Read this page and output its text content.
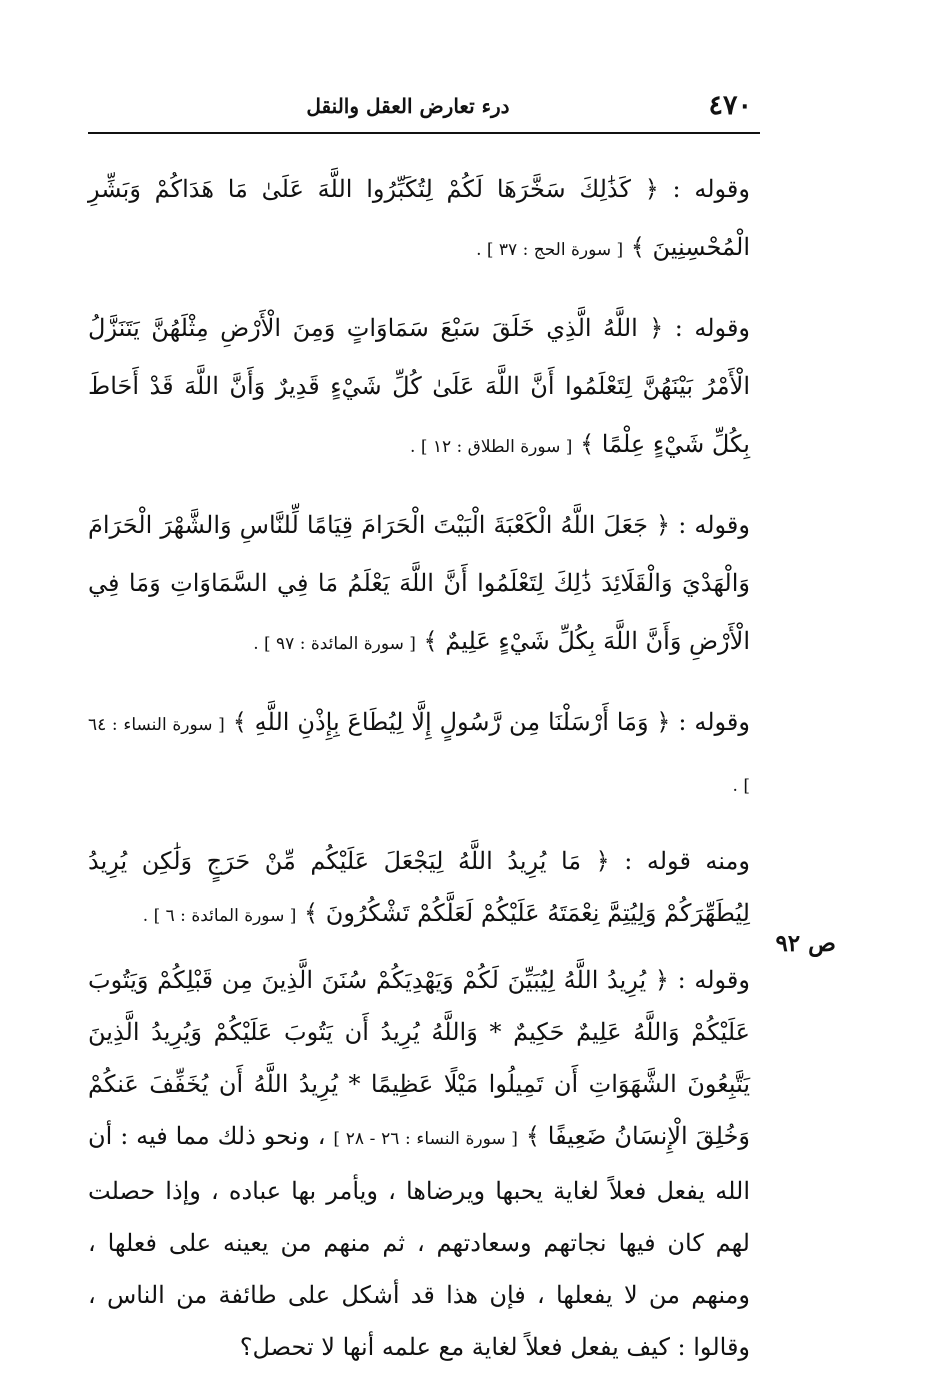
٤٧٠
درء تعارض العقل والنقل
ص ٩٢

وقوله : ﴿ كَذَٰلِكَ سَخَّرَهَا لَكُمْ لِتُكَبِّرُوا اللَّهَ عَلَىٰ مَا هَدَاكُمْ وَبَشِّرِ الْمُحْسِنِينَ ﴾ [ سورة الحج : ٣٧ ] .

وقوله : ﴿ اللَّهُ الَّذِي خَلَقَ سَبْعَ سَمَاوَاتٍ وَمِنَ الْأَرْضِ مِثْلَهُنَّ يَتَنَزَّلُ الْأَمْرُ بَيْنَهُنَّ لِتَعْلَمُوا أَنَّ اللَّهَ عَلَىٰ كُلِّ شَيْءٍ قَدِيرٌ وَأَنَّ اللَّهَ قَدْ أَحَاطَ بِكُلِّ شَيْءٍ عِلْمًا ﴾ [ سورة الطلاق : ١٢ ] .

وقوله : ﴿ جَعَلَ اللَّهُ الْكَعْبَةَ الْبَيْتَ الْحَرَامَ قِيَامًا لِّلنَّاسِ وَالشَّهْرَ الْحَرَامَ وَالْهَدْيَ وَالْقَلَائِدَ ذَٰلِكَ لِتَعْلَمُوا أَنَّ اللَّهَ يَعْلَمُ مَا فِي السَّمَاوَاتِ وَمَا فِي الْأَرْضِ وَأَنَّ اللَّهَ بِكُلِّ شَيْءٍ عَلِيمٌ ﴾ [ سورة المائدة : ٩٧ ] .

وقوله : ﴿ وَمَا أَرْسَلْنَا مِن رَّسُولٍ إِلَّا لِيُطَاعَ بِإِذْنِ اللَّهِ ﴾ [ سورة النساء : ٦٤ ] .

ومنه قوله : ﴿ مَا يُرِيدُ اللَّهُ لِيَجْعَلَ عَلَيْكُم مِّنْ حَرَجٍ وَلَٰكِن يُرِيدُ لِيُطَهِّرَكُمْ وَلِيُتِمَّ نِعْمَتَهُ عَلَيْكُمْ لَعَلَّكُمْ تَشْكُرُونَ ﴾ [ سورة المائدة : ٦ ] .

وقوله : ﴿ يُرِيدُ اللَّهُ لِيُبَيِّنَ لَكُمْ وَيَهْدِيَكُمْ سُنَنَ الَّذِينَ مِن قَبْلِكُمْ وَيَتُوبَ عَلَيْكُمْ وَاللَّهُ عَلِيمٌ حَكِيمٌ * وَاللَّهُ يُرِيدُ أَن يَتُوبَ عَلَيْكُمْ وَيُرِيدُ الَّذِينَ يَتَّبِعُونَ الشَّهَوَاتِ أَن تَمِيلُوا مَيْلًا عَظِيمًا * يُرِيدُ اللَّهُ أَن يُخَفِّفَ عَنكُمْ وَخُلِقَ الْإِنسَانُ ضَعِيفًا ﴾ [ سورة النساء : ٢٦ - ٢٨ ] ، ونحو ذلك مما فيه : أن الله يفعل فعلاً لغاية يحبها ويرضاها ، ويأمر بها عباده ، وإذا حصلت لهم كان فيها نجاتهم وسعادتهم ، ثم منهم من يعينه على فعلها ، ومنهم من لا يفعلها ، فإن هذا قد أشكل على طائفة من الناس ، وقالوا : كيف يفعل فعلاً لغاية مع علمه أنها لا تحصل؟
